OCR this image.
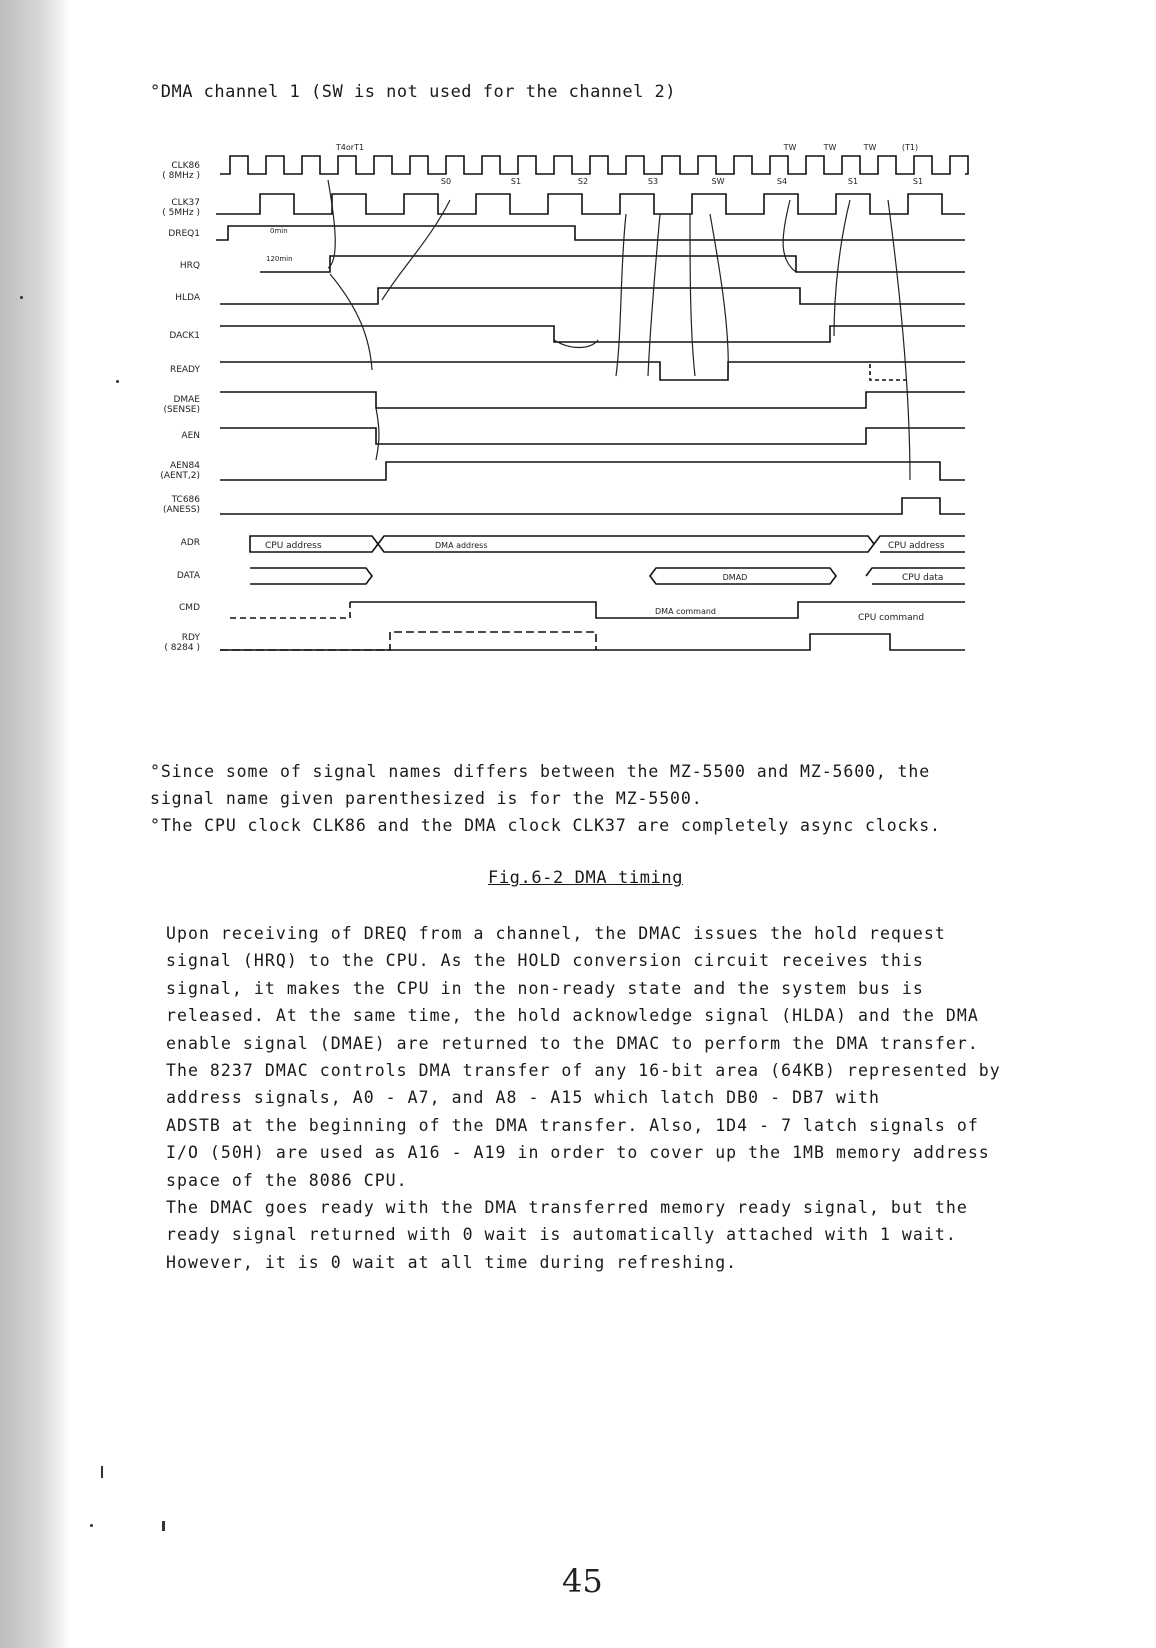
°DMA channel 1 (SW is not used for the channel 2)
CLK86
( 8MHz )
CLK37
( 5MHz )
DREQ1
HRQ
HLDA
DACK1
READY
DMAE
(SENSE)
AEN
AEN84
(AENT,2)
TC686
(ANESS)
ADR
DATA
CMD
RDY
( 8284 )
T4orT1	TW	TW	TW	(T1)
S0	S1	S2	S3	SW	S4	S1	S1
CPU address	DMA address	CPU address
DMAD	CPU data
DMA command
CPU command
0min
120min

°Since some of signal names differs between the MZ-5500 and MZ-5600, the

signal name given parenthesized is for the MZ-5500.

°The CPU clock CLK86 and the DMA clock CLK37 are completely async clocks.

Fig.6-2 DMA timing

Upon receiving of DREQ from a channel, the DMAC issues the hold request

signal (HRQ) to the CPU. As the HOLD conversion circuit receives this

signal, it makes the CPU in the non-ready state and the system bus is

released. At the same time, the hold acknowledge signal (HLDA) and the DMA

enable signal (DMAE) are returned to the DMAC to perform the DMA transfer.

The 8237 DMAC controls DMA transfer of any 16-bit area (64KB) represented by

address signals, A0 - A7, and A8 - A15 which latch DB0 - DB7 with

ADSTB at the beginning of the DMA transfer. Also, 1D4 - 7 latch signals of

I/O (50H) are used as A16 - A19 in order to cover up the 1MB memory address

space of the 8086 CPU.

The DMAC goes ready with the DMA transferred memory ready signal, but the

ready signal returned with 0 wait is automatically attached with 1 wait.

However, it is 0 wait at all time during refreshing.

45
